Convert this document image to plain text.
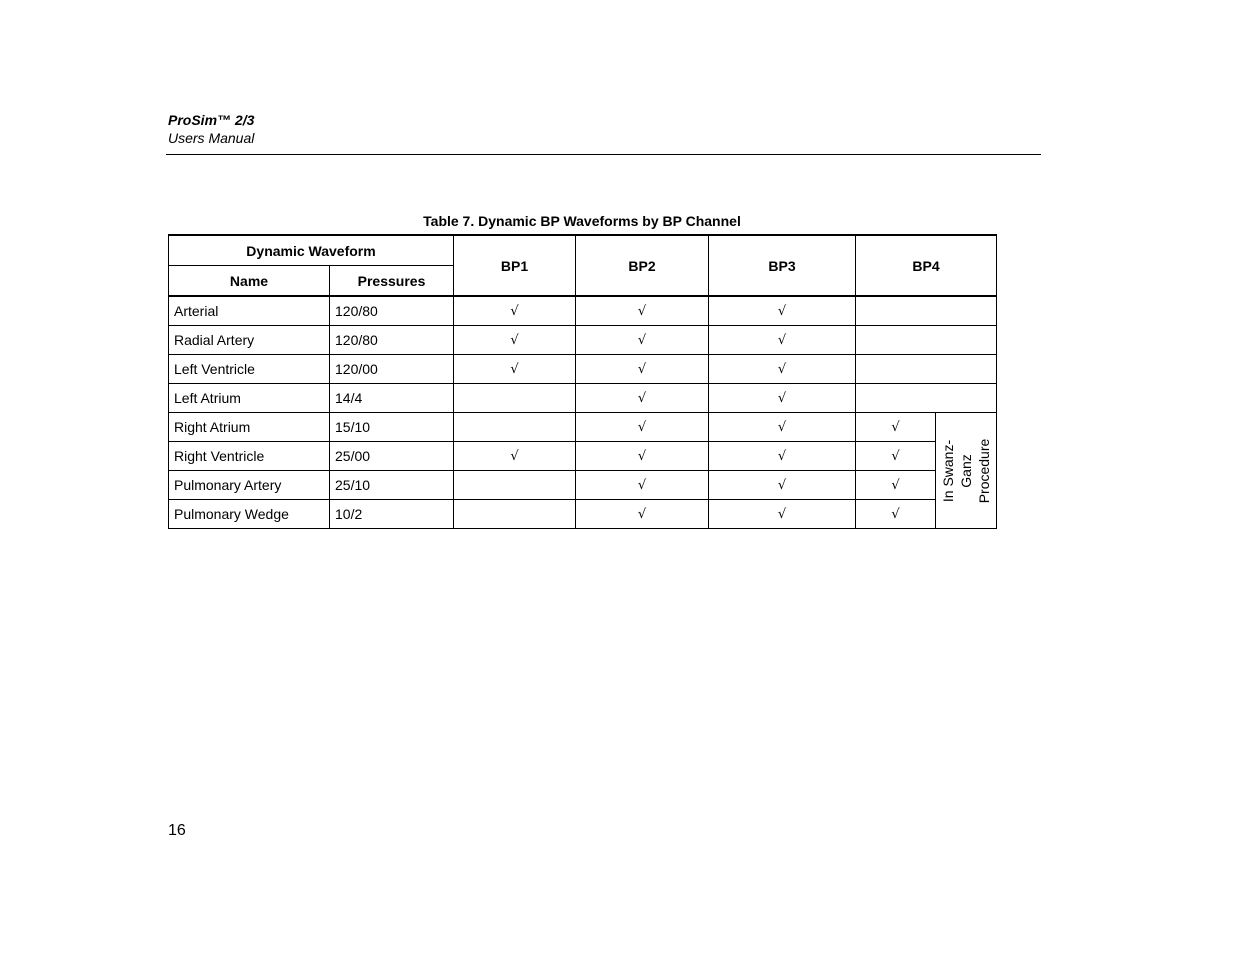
ProSim™ 2/3
Users Manual
Table 7. Dynamic BP Waveforms by BP Channel
Dynamic Waveform		BP1	BP2	BP3	BP4	
Name	Pressures					
Arterial	120/80	√	√	√		
Radial Artery	120/80	√	√	√		
Left Ventricle	120/00	√	√	√		
Left Atrium	14/4		√	√		
Right Atrium	15/10		√	√	√	In Swanz- Ganz Procedure

Right Ventricle	25/00	√	√	√	√	
Pulmonary Artery	25/10		√	√	√	
Pulmonary Wedge	10/2		√	√	√	
16
